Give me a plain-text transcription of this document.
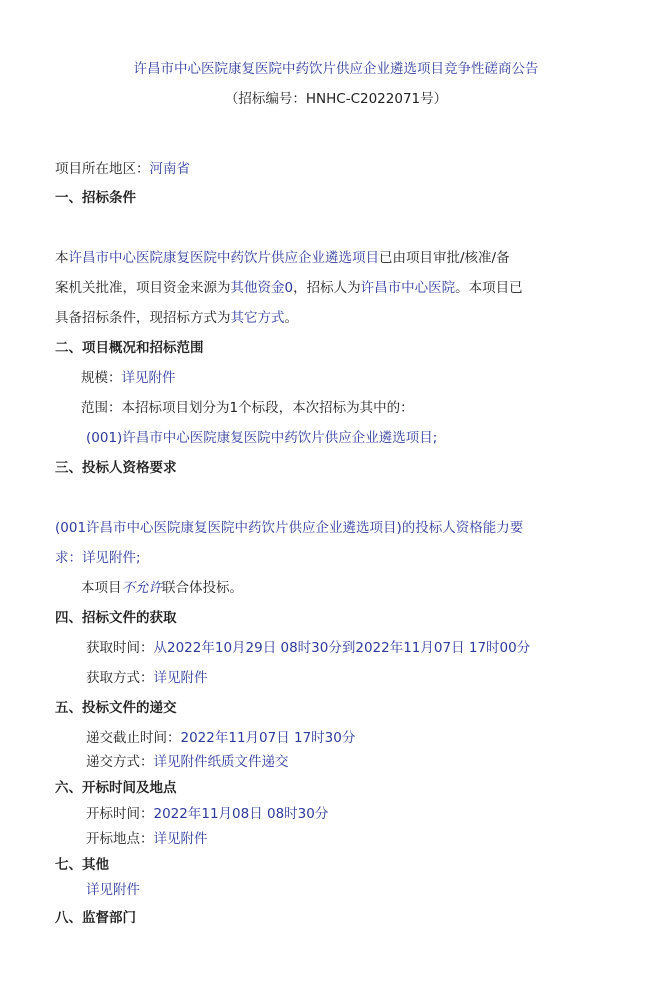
许昌市中心医院康复医院中药饮片供应企业遴选项目竞争性磋商公告
（招标编号：HNHC-C2022071号）
项目所在地区：河南省
一、招标条件
本许昌市中心医院康复医院中药饮片供应企业遴选项目已由项目审批/核准/备
案机关批准，项目资金来源为其他资金0，招标人为许昌市中心医院。本项目已
具备招标条件，现招标方式为其它方式。
二、项目概况和招标范围
规模：详见附件
范围：本招标项目划分为1个标段，本次招标为其中的：
(001)许昌市中心医院康复医院中药饮片供应企业遴选项目;
三、投标人资格要求
(001许昌市中心医院康复医院中药饮片供应企业遴选项目)的投标人资格能力要
求：详见附件;
本项目不允许联合体投标。
四、招标文件的获取
获取时间：从2022年10月29日 08时30分到2022年11月07日 17时00分
获取方式：详见附件
五、投标文件的递交
递交截止时间：2022年11月07日 17时30分
递交方式：详见附件纸质文件递交
六、开标时间及地点
开标时间：2022年11月08日 08时30分
开标地点：详见附件
七、其他
详见附件
八、监督部门
